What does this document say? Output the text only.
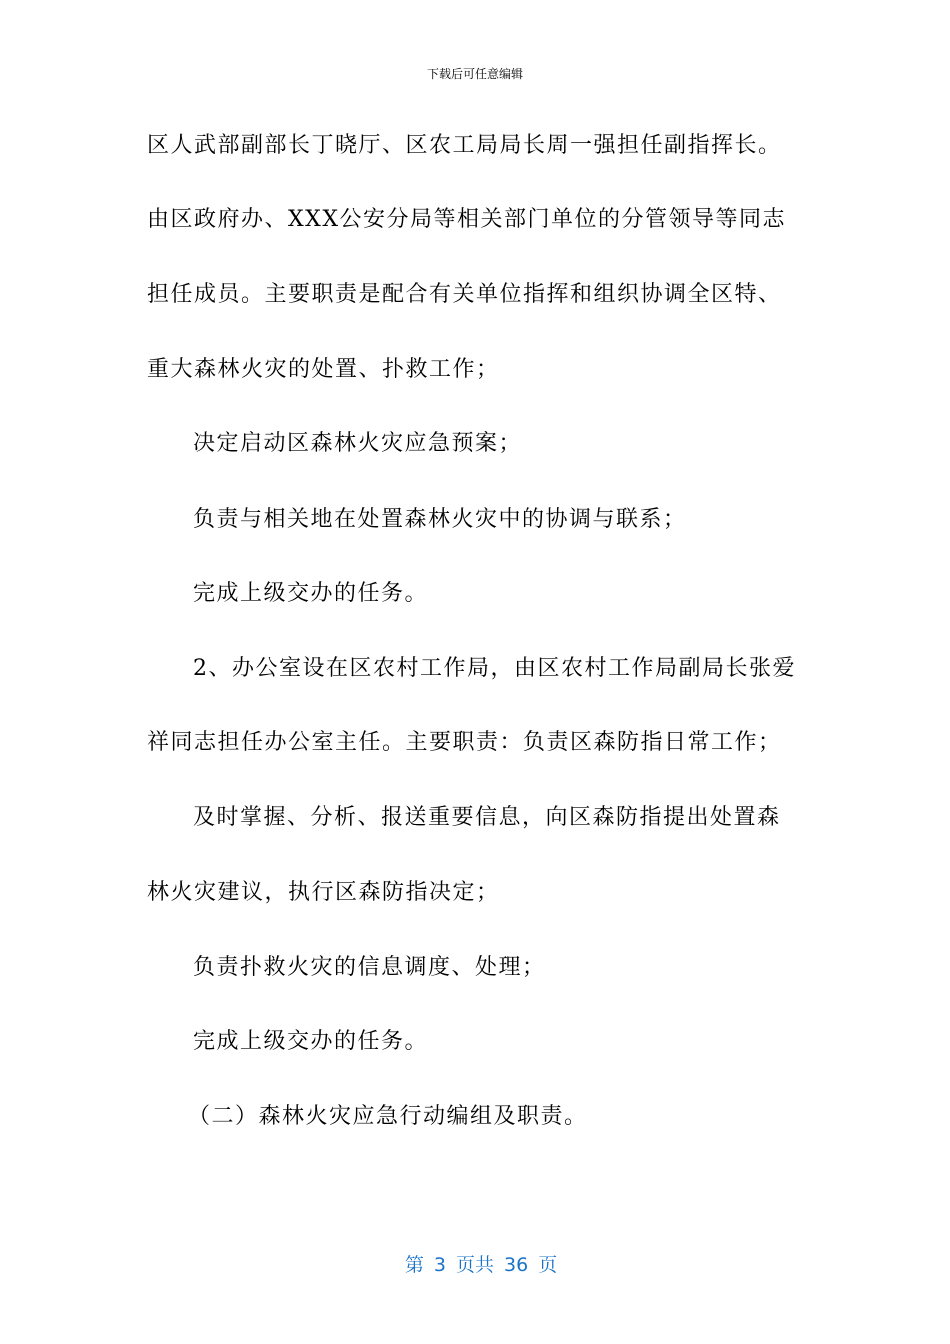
下载后可任意编辑
区人武部副部长丁晓厅、区农工局局长周一强担任副指挥长。
由区政府办、XXX公安分局等相关部门单位的分管领导等同志
担任成员。主要职责是配合有关单位指挥和组织协调全区特、
重大森林火灾的处置、扑救工作；
决定启动区森林火灾应急预案；
负责与相关地在处置森林火灾中的协调与联系；
完成上级交办的任务。
2、办公室设在区农村工作局，由区农村工作局副局长张爱
祥同志担任办公室主任。主要职责：负责区森防指日常工作；
及时掌握、分析、报送重要信息，向区森防指提出处置森
林火灾建议，执行区森防指决定；
负责扑救火灾的信息调度、处理；
完成上级交办的任务。
（二）森林火灾应急行动编组及职责。

第 3 页共 36 页
